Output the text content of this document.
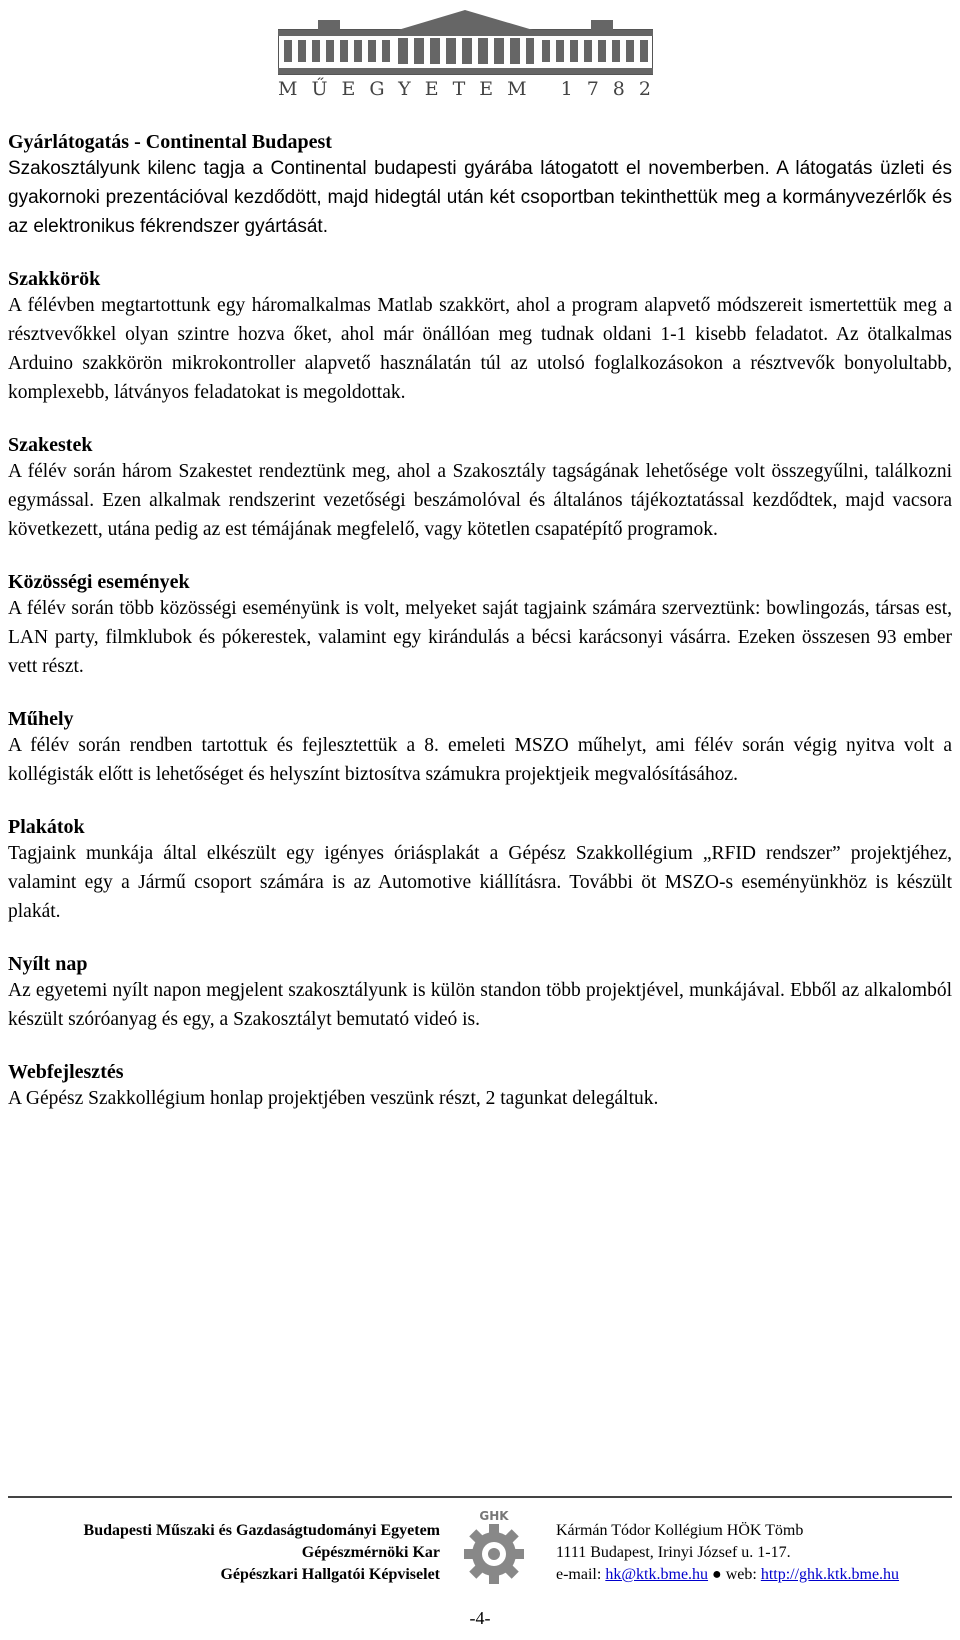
MŰEGYETEM 1782

Gyárlátogatás - Continental Budapest

Szakosztályunk kilenc tagja a Continental budapesti gyárába látogatott el novemberben. A látogatás üzleti és gyakornoki prezentációval kezdődött, majd hidegtál után két csoportban tekinthettük meg a kormányvezérlők és az elektronikus fékrendszer gyártását.

Szakkörök

A félévben megtartottunk egy háromalkalmas Matlab szakkört, ahol a program alapvető módszereit ismertettük meg a résztvevőkkel olyan szintre hozva őket, ahol már önállóan meg tudnak oldani 1-1 kisebb feladatot. Az ötalkalmas Arduino szakkörön mikrokontroller alapvető használatán túl az utolsó foglalkozásokon a résztvevők bonyolultabb, komplexebb, látványos feladatokat is megoldottak.

Szakestek

A félév során három Szakestet rendeztünk meg, ahol a Szakosztály tagságának lehetősége volt összegyűlni, találkozni egymással. Ezen alkalmak rendszerint vezetőségi beszámolóval és általános tájékoztatással kezdődtek, majd vacsora következett, utána pedig az est témájának megfelelő, vagy kötetlen csapatépítő programok.

Közösségi események

A félév során több közösségi eseményünk is volt, melyeket saját tagjaink számára szerveztünk: bowlingozás, társas est, LAN party, filmklubok és pókerestek, valamint egy kirándulás a bécsi karácsonyi vásárra. Ezeken összesen 93 ember vett részt.

Műhely

A félév során rendben tartottuk és fejlesztettük a 8. emeleti MSZO műhelyt, ami félév során végig nyitva volt a kollégisták előtt is lehetőséget és helyszínt biztosítva számukra projektjeik megvalósításához.

Plakátok

Tagjaink munkája által elkészült egy igényes óriásplakát a Gépész Szakkollégium „RFID rendszer” projektjéhez, valamint egy a Jármű csoport számára is az Automotive kiállításra. További öt MSZO-s eseményünkhöz is készült plakát.

Nyílt nap

Az egyetemi nyílt napon megjelent szakosztályunk is külön standon több projektjével, munkájával. Ebből az alkalomból készült szóróanyag és egy, a Szakosztályt bemutató videó is.

Webfejlesztés

A Gépész Szakkollégium honlap projektjében veszünk részt, 2 tagunkat delegáltuk.

Budapesti Műszaki és Gazdaságtudományi Egyetem
Gépészmérnöki Kar
Gépészkari Hallgatói Képviselet
GHK
Kármán Tódor Kollégium HÖK Tömb
1111 Budapest, Irinyi József u. 1-17.
e-mail: hk@ktk.bme.hu ● web: http://ghk.ktk.bme.hu
-4-
